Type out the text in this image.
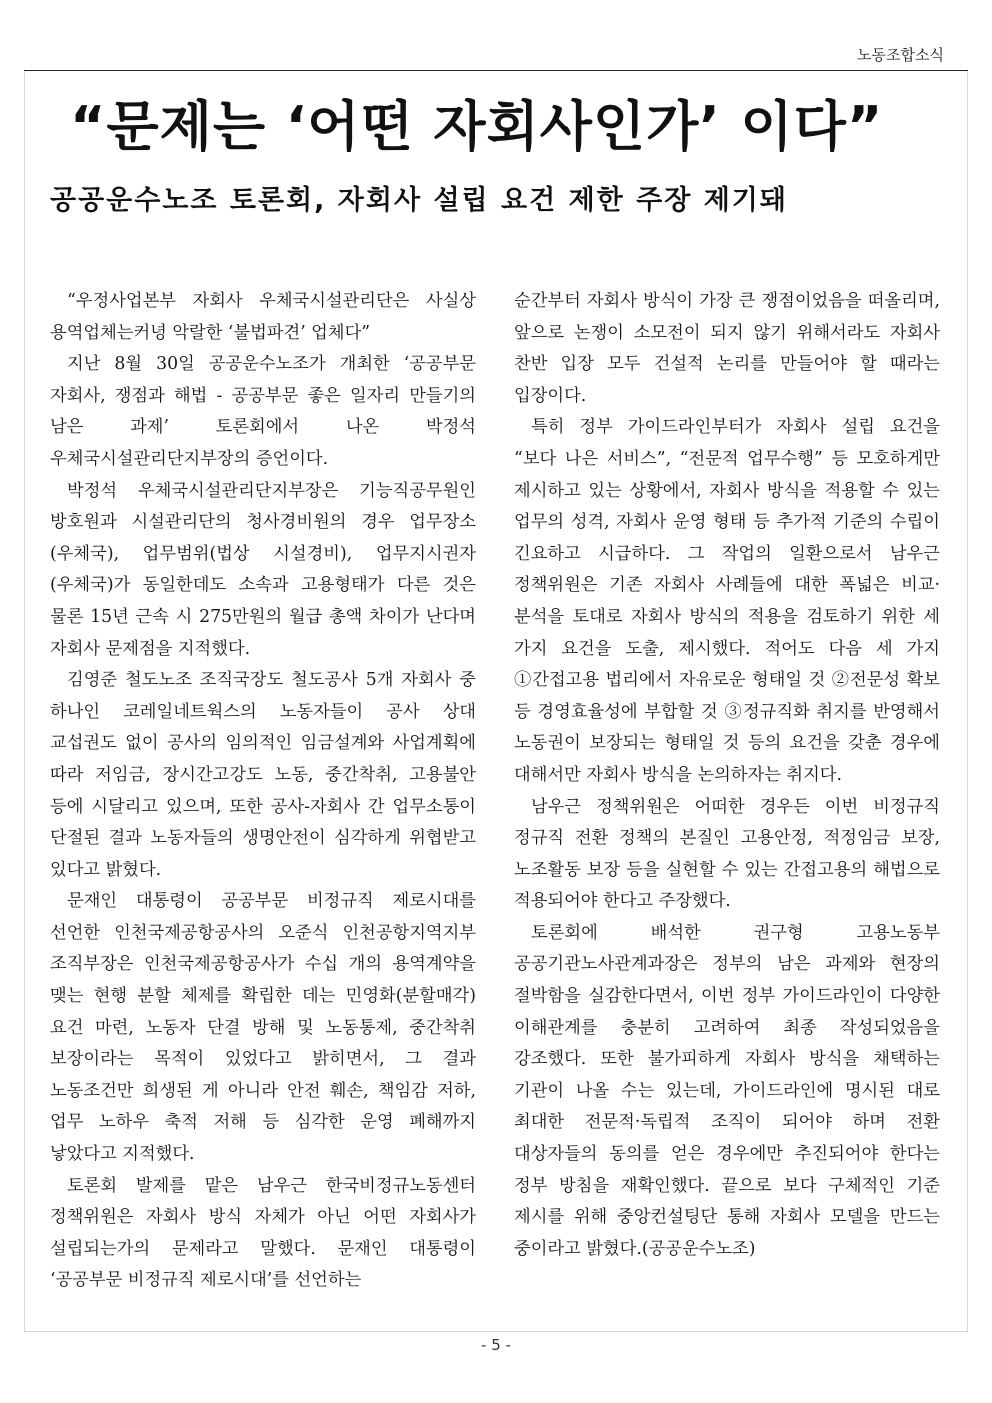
노동조합소식
“문제는 ‘어떤 자회사인가’ 이다”
공공운수노조 토론회, 자회사 설립 요건 제한 주장 제기돼

“우정사업본부 자회사 우체국시설관리단은 사실상 용역업체는커녕 악랄한 ‘불법파견’ 업체다”

지난 8월 30일 공공운수노조가 개최한 ‘공공부문 자회사, 쟁점과 해법 - 공공부문 좋은 일자리 만들기의 남은 과제’ 토론회에서 나온 박정석 우체국시설관리단지부장의 증언이다.

박정석 우체국시설관리단지부장은 기능직공무원인 방호원과 시설관리단의 청사경비원의 경우 업무장소(우체국), 업무범위(법상 시설경비), 업무지시권자(우체국)가 동일한데도 소속과 고용형태가 다른 것은 물론 15년 근속 시 275만원의 월급 총액 차이가 난다며 자회사 문제점을 지적했다.

김영준 철도노조 조직국장도 철도공사 5개 자회사 중 하나인 코레일네트웍스의 노동자들이 공사 상대 교섭권도 없이 공사의 임의적인 임금설계와 사업계획에 따라 저임금, 장시간고강도 노동, 중간착취, 고용불안 등에 시달리고 있으며, 또한 공사-자회사 간 업무소통이 단절된 결과 노동자들의 생명안전이 심각하게 위협받고 있다고 밝혔다.

문재인 대통령이 공공부문 비정규직 제로시대를 선언한 인천국제공항공사의 오준식 인천공항지역지부 조직부장은 인천국제공항공사가 수십 개의 용역계약을 맺는 현행 분할 체제를 확립한 데는 민영화(분할매각) 요건 마련, 노동자 단결 방해 및 노동통제, 중간착취 보장이라는 목적이 있었다고 밝히면서, 그 결과 노동조건만 희생된 게 아니라 안전 훼손, 책임감 저하, 업무 노하우 축적 저해 등 심각한 운영 폐해까지 낳았다고 지적했다.

토론회 발제를 맡은 남우근 한국비정규노동센터 정책위원은 자회사 방식 자체가 아닌 어떤 자회사가 설립되는가의 문제라고 말했다. 문재인 대통령이 ‘공공부문 비정규직 제로시대’를 선언하는

순간부터 자회사 방식이 가장 큰 쟁점이었음을 떠올리며, 앞으로 논쟁이 소모전이 되지 않기 위해서라도 자회사 찬반 입장 모두 건설적 논리를 만들어야 할 때라는 입장이다.

특히 정부 가이드라인부터가 자회사 설립 요건을 “보다 나은 서비스”, “전문적 업무수행” 등 모호하게만 제시하고 있는 상황에서, 자회사 방식을 적용할 수 있는 업무의 성격, 자회사 운영 형태 등 추가적 기준의 수립이 긴요하고 시급하다. 그 작업의 일환으로서 남우근 정책위원은 기존 자회사 사례들에 대한 폭넓은 비교·분석을 토대로 자회사 방식의 적용을 검토하기 위한 세 가지 요건을 도출, 제시했다. 적어도 다음 세 가지 ①간접고용 법리에서 자유로운 형태일 것 ②전문성 확보 등 경영효율성에 부합할 것 ③정규직화 취지를 반영해서 노동권이 보장되는 형태일 것 등의 요건을 갖춘 경우에 대해서만 자회사 방식을 논의하자는 취지다.

남우근 정책위원은 어떠한 경우든 이번 비정규직 정규직 전환 정책의 본질인 고용안정, 적정임금 보장, 노조활동 보장 등을 실현할 수 있는 간접고용의 해법으로 적용되어야 한다고 주장했다.

토론회에 배석한 권구형 고용노동부 공공기관노사관계과장은 정부의 남은 과제와 현장의 절박함을 실감한다면서, 이번 정부 가이드라인이 다양한 이해관계를 충분히 고려하여 최종 작성되었음을 강조했다. 또한 불가피하게 자회사 방식을 채택하는 기관이 나올 수는 있는데, 가이드라인에 명시된 대로 최대한 전문적·독립적 조직이 되어야 하며 전환 대상자들의 동의를 얻은 경우에만 추진되어야 한다는 정부 방침을 재확인했다. 끝으로 보다 구체적인 기준 제시를 위해 중앙컨설팅단 통해 자회사 모델을 만드는 중이라고 밝혔다.(공공운수노조)

- 5 -
